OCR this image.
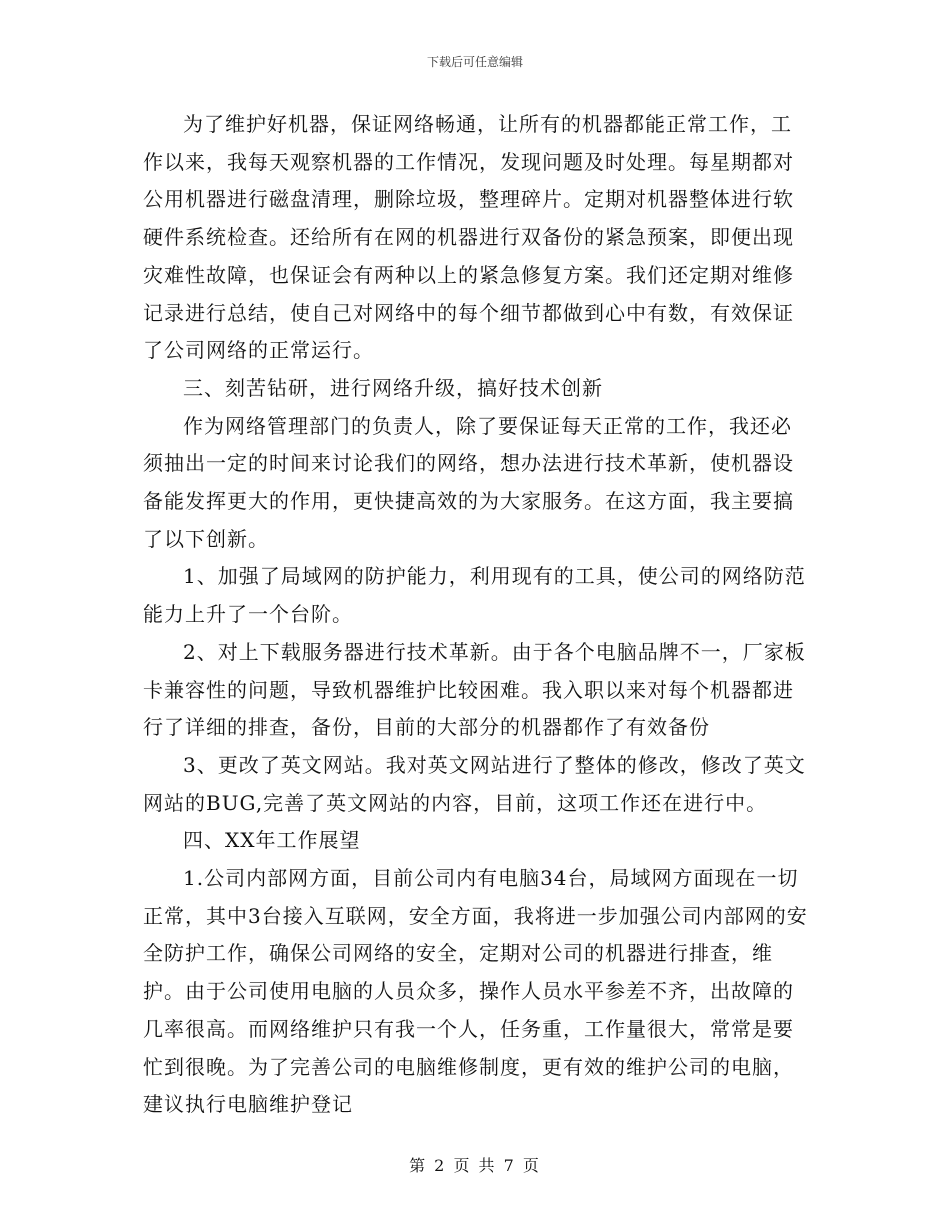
下载后可任意编辑

为了维护好机器，保证网络畅通，让所有的机器都能正常工作，工作以来，我每天观察机器的工作情况，发现问题及时处理。每星期都对公用机器进行磁盘清理，删除垃圾，整理碎片。定期对机器整体进行软硬件系统检查。还给所有在网的机器进行双备份的紧急预案，即便出现灾难性故障，也保证会有两种以上的紧急修复方案。我们还定期对维修记录进行总结，使自己对网络中的每个细节都做到心中有数，有效保证了公司网络的正常运行。

三、刻苦钻研，进行网络升级，搞好技术创新

作为网络管理部门的负责人，除了要保证每天正常的工作，我还必须抽出一定的时间来讨论我们的网络，想办法进行技术革新，使机器设备能发挥更大的作用，更快捷高效的为大家服务。在这方面，我主要搞了以下创新。

1、加强了局域网的防护能力，利用现有的工具，使公司的网络防范能力上升了一个台阶。

2、对上下载服务器进行技术革新。由于各个电脑品牌不一，厂家板卡兼容性的问题，导致机器维护比较困难。我入职以来对每个机器都进行了详细的排查，备份，目前的大部分的机器都作了有效备份

3、更改了英文网站。我对英文网站进行了整体的修改，修改了英文网站的BUG,完善了英文网站的内容，目前，这项工作还在进行中。

四、XX年工作展望

1.公司内部网方面，目前公司内有电脑34台，局域网方面现在一切正常，其中3台接入互联网，安全方面，我将进一步加强公司内部网的安全防护工作，确保公司网络的安全，定期对公司的机器进行排查，维护。由于公司使用电脑的人员众多，操作人员水平参差不齐，出故障的几率很高。而网络维护只有我一个人，任务重，工作量很大，常常是要忙到很晚。为了完善公司的电脑维修制度，更有效的维护公司的电脑，建议执行电脑维护登记

第 2 页 共 7 页
